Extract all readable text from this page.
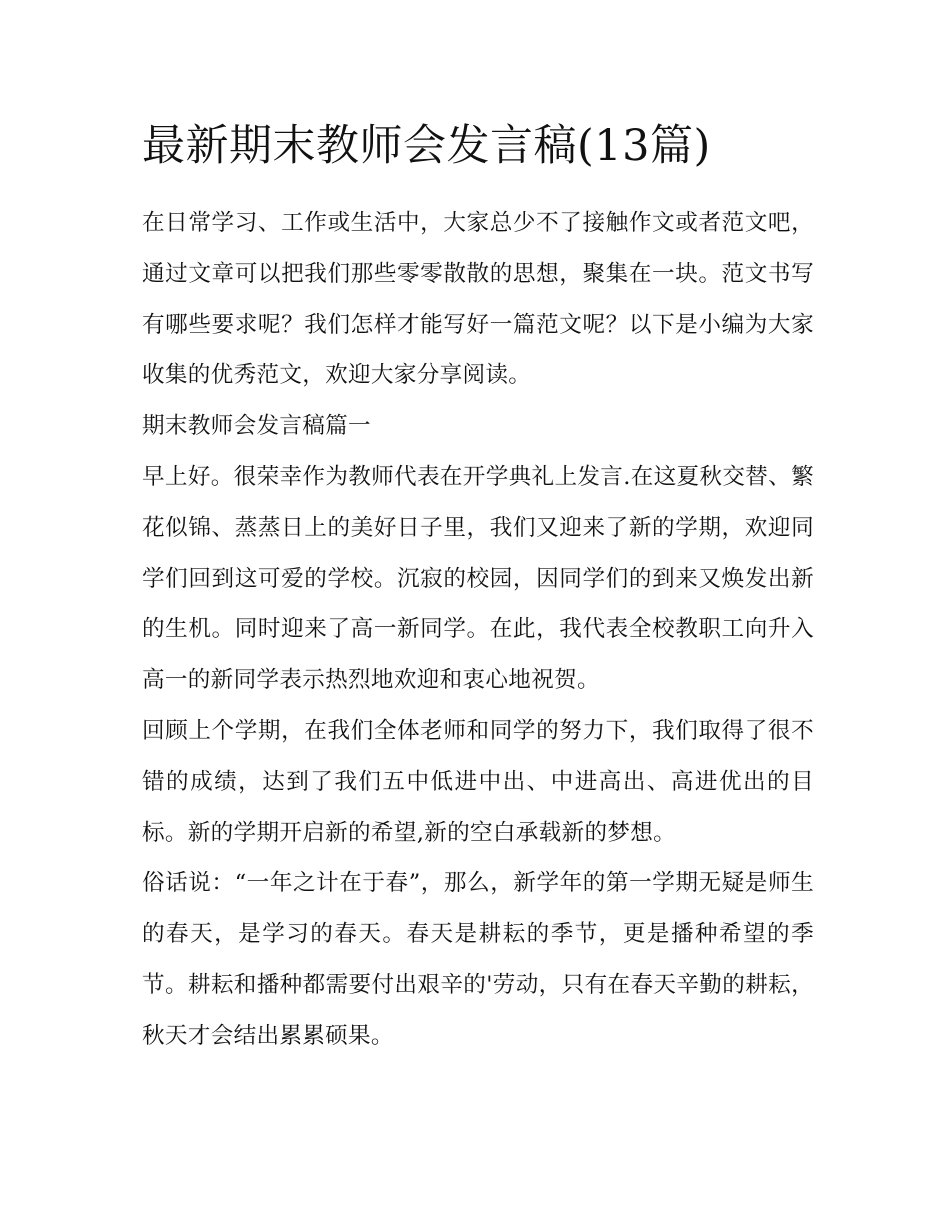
最新期末教师会发言稿(13篇)

在日常学习、工作或生活中，大家总少不了接触作文或者范文吧，通过文章可以把我们那些零零散散的思想，聚集在一块。范文书写有哪些要求呢？我们怎样才能写好一篇范文呢？以下是小编为大家收集的优秀范文，欢迎大家分享阅读。

期末教师会发言稿篇一

早上好。很荣幸作为教师代表在开学典礼上发言.在这夏秋交替、繁花似锦、蒸蒸日上的美好日子里，我们又迎来了新的学期，欢迎同学们回到这可爱的学校。沉寂的校园，因同学们的到来又焕发出新的生机。同时迎来了高一新同学。在此，我代表全校教职工向升入高一的新同学表示热烈地欢迎和衷心地祝贺。

回顾上个学期，在我们全体老师和同学的努力下，我们取得了很不错的成绩，达到了我们五中低进中出、中进高出、高进优出的目标。新的学期开启新的希望,新的空白承载新的梦想。

俗话说：“一年之计在于春”，那么，新学年的第一学期无疑是师生的春天，是学习的春天。春天是耕耘的季节，更是播种希望的季节。耕耘和播种都需要付出艰辛的'劳动，只有在春天辛勤的耕耘，秋天才会结出累累硕果。
